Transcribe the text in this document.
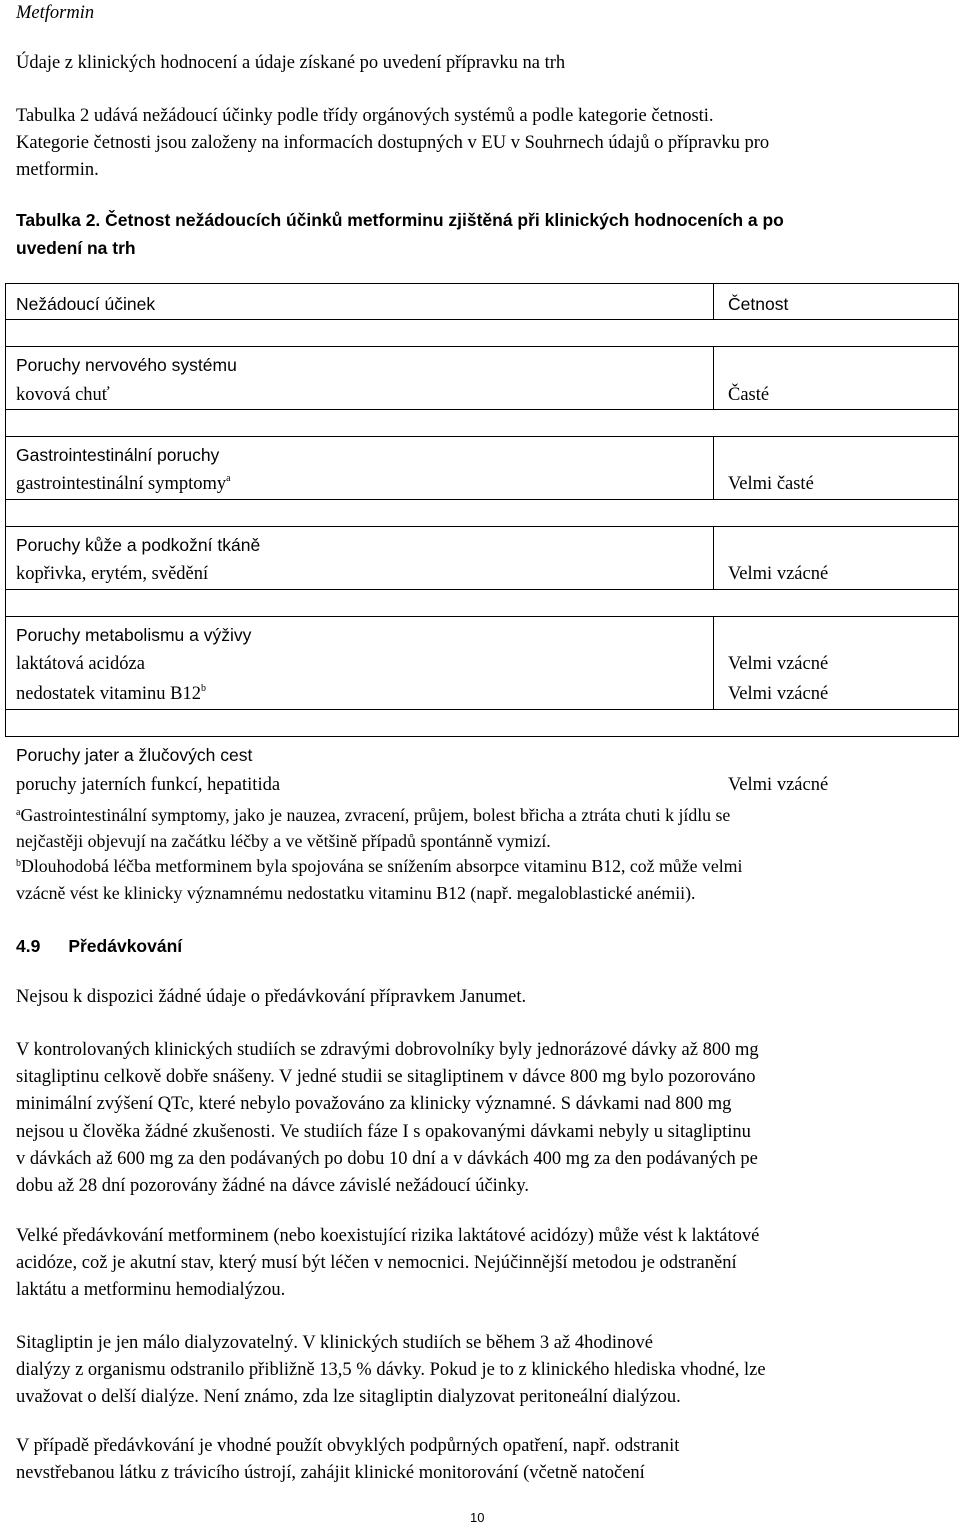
Metformin

Údaje z klinických hodnocení a údaje získané po uvedení přípravku na trh

Tabulka 2 udává nežádoucí účinky podle třídy orgánových systémů a podle kategorie četnosti.

Kategorie četnosti jsou založeny na informacích dostupných v EU v Souhrnech údajů o přípravku pro

metformin.

Tabulka 2. Četnost nežádoucích účinků metforminu zjištěná při klinických hodnoceních a po

uvedení na trh

Nežádoucí účinek	Četnost
Poruchy nervového systému
kovová chuť	Časté
Gastrointestinální poruchy
gastrointestinální symptomy$^a$	Velmi časté
Poruchy kůže a podkožní tkáně
kopřivka, erytém, svědění	Velmi vzácné
Poruchy metabolismu a výživy
laktátová acidóza	Velmi vzácné
nedostatek vitaminu B12$^b$	Velmi vzácné
Poruchy jater a žlučových cest
poruchy jaterních funkcí, hepatitida	Velmi vzácné
$^a$Gastrointestinální symptomy, jako je nauzea, zvracení, průjem, bolest břicha a ztráta chuti k jídlu se
nejčastěji objevují na začátku léčby a ve většině případů spontánně vymizí.
$^b$Dlouhodobá léčba metforminem byla spojována se snížením absorpce vitaminu B12, což může velmi
vzácně vést ke klinicky významnému nedostatku vitaminu B12 (např. megaloblastické anémii).
4.9 Předávkování
Nejsou k dispozici žádné údaje o předávkování přípravkem Janumet.
V kontrolovaných klinických studiích se zdravými dobrovolníky byly jednorázové dávky až 800 mg
sitagliptinu celkově dobře snášeny. V jedné studii se sitagliptinem v dávce 800 mg bylo pozorováno
minimální zvýšení QTc, které nebylo považováno za klinicky významné. S dávkami nad 800 mg
nejsou u člověka žádné zkušenosti. Ve studiích fáze I s opakovanými dávkami nebyly u sitagliptinu
v dávkách až 600 mg za den podávaných po dobu 10 dní a v dávkách 400 mg za den podávaných pe
dobu až 28 dní pozorovány žádné na dávce závislé nežádoucí účinky.
Velké předávkování metforminem (nebo koexistující rizika laktátové acidózy) může vést k laktátové
acidóze, což je akutní stav, který musí být léčen v nemocnici. Nejúčinnější metodou je odstranění
laktátu a metforminu hemodialýzou.
Sitagliptin je jen málo dialyzovatelný. V klinických studiích se během 3 až 4hodinové
dialýzy z organismu odstranilo přibližně 13,5 % dávky. Pokud je to z klinického hlediska vhodné, lze
uvažovat o delší dialýze. Není známo, zda lze sitagliptin dialyzovat peritoneální dialýzou.
V případě předávkování je vhodné použít obvyklých podpůrných opatření, např. odstranit
nevstřebanou látku z trávicího ústrojí, zahájit klinické monitorování (včetně natočení
10
